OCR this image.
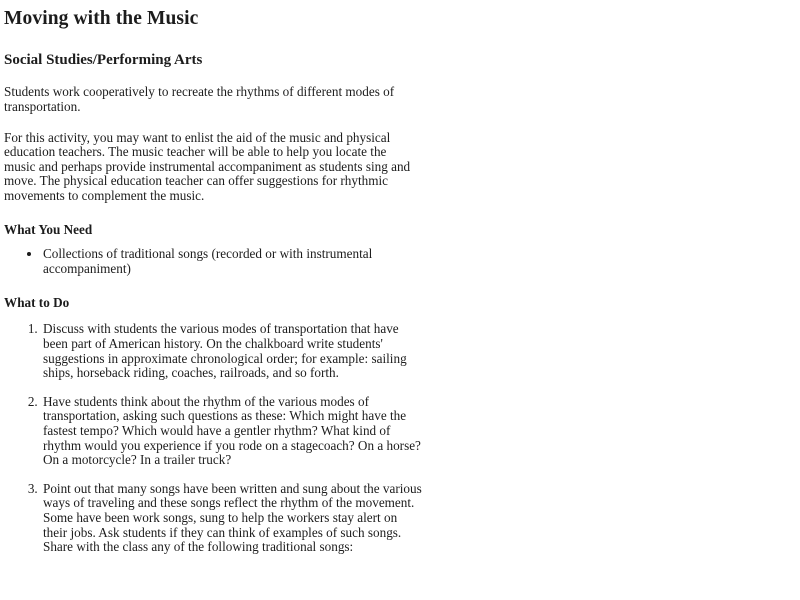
Moving with the Music
Social Studies/Performing Arts

Students work cooperatively to recreate the rhythms of different modes of transportation.

For this activity, you may want to enlist the aid of the music and physical education teachers. The music teacher will be able to help you locate the music and perhaps provide instrumental accompaniment as students sing and move. The physical education teacher can offer suggestions for rhythmic movements to complement the music.

What You Need
• Collections of traditional songs (recorded or with instrumental accompaniment)
What to Do
1. Discuss with students the various modes of transportation that have been part of American history. On the chalkboard write students' suggestions in approximate chronological order; for example: sailing ships, horseback riding, coaches, railroads, and so forth.
2. Have students think about the rhythm of the various modes of transportation, asking such questions as these: Which might have the fastest tempo? Which would have a gentler rhythm? What kind of rhythm would you experience if you rode on a stagecoach? On a horse? On a motorcycle? In a trailer truck?
3. Point out that many songs have been written and sung about the various ways of traveling and these songs reflect the rhythm of the movement. Some have been work songs, sung to help the workers stay alert on their jobs. Ask students if they can think of examples of such songs. Share with the class any of the following traditional songs:
